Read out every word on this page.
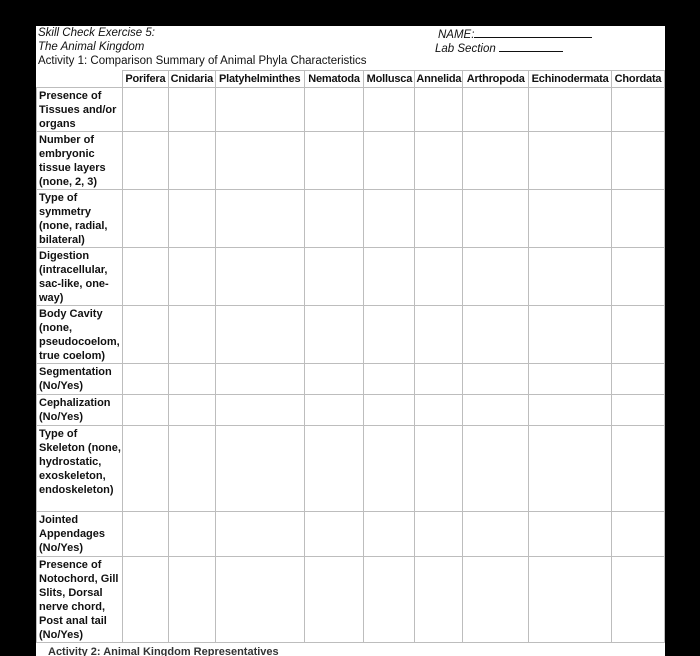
Skill Check Exercise 5:
The Animal Kingdom
Activity 1: Comparison Summary of Animal Phyla Characteristics
NAME:
Lab Section
	Porifera	Cnidaria	Platyhelminthes	Nematoda	Mollusca	Annelida	Arthropoda	Echinodermata	Chordata
Presence of Tissues and/or organs									
Number of embryonic tissue layers (none, 2, 3)									
Type of symmetry (none, radial, bilateral)									
Digestion (intracellular, sac-like, one-way)									
Body Cavity (none, pseudocoelom, true coelom)									
Segmentation (No/Yes)									
Cephalization (No/Yes)									
Type of Skeleton (none, hydrostatic, exoskeleton, endoskeleton)									
Jointed Appendages (No/Yes)									
Presence of Notochord, Gill Slits, Dorsal nerve chord, Post anal tail (No/Yes)									
Activity 2: Animal Kingdom Representatives
